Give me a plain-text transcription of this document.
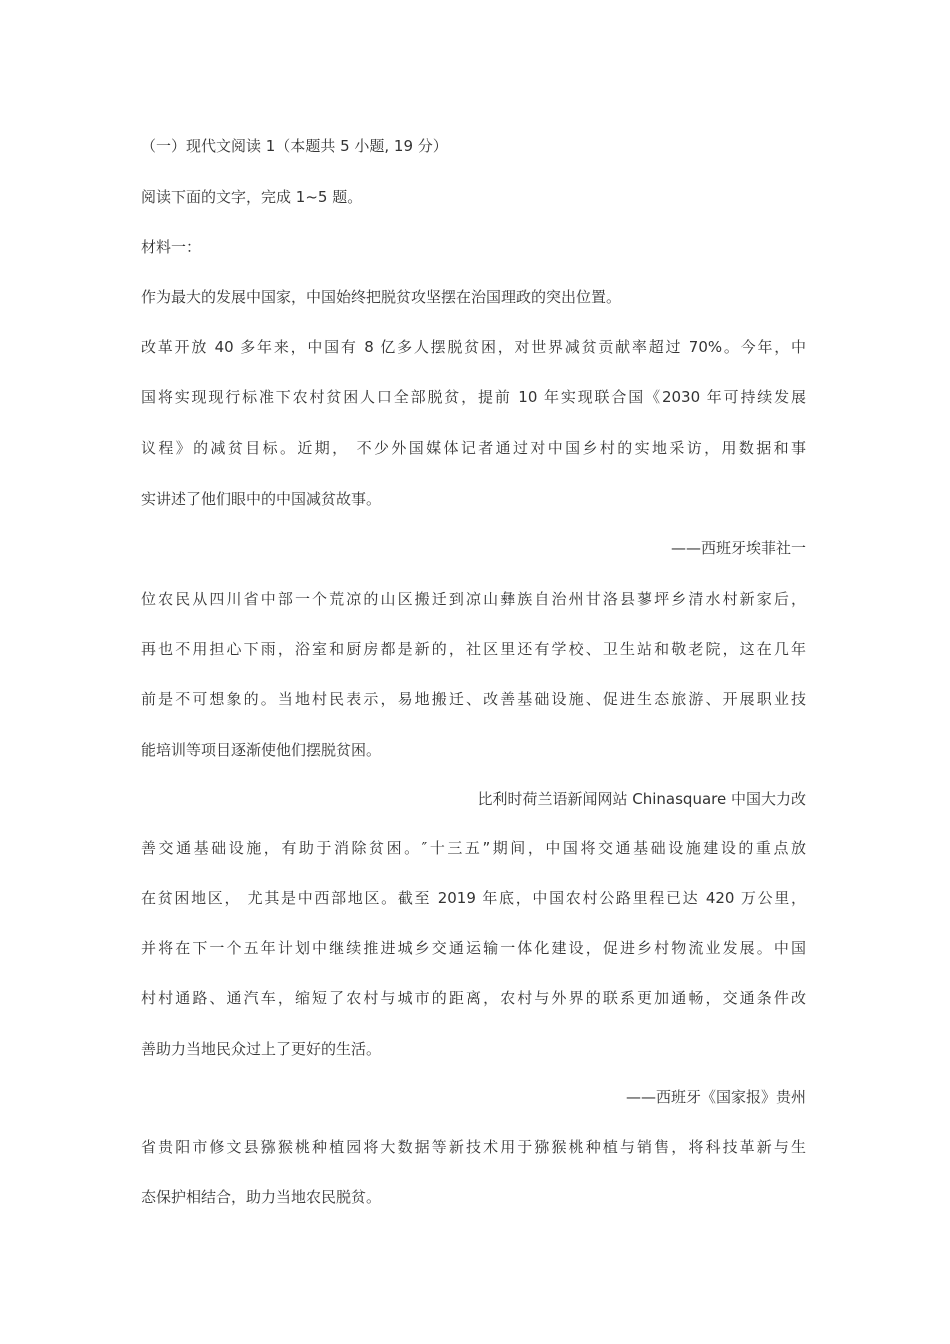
（一）现代文阅读 1（本题共 5 小题, 19 分）
阅读下面的文字，完成 1~5 题。
材料一：
作为最大的发展中国家，中国始终把脱贫攻坚摆在治国理政的突出位置。
改革开放 40 多年来，中国有 8 亿多人摆脱贫困，对世界减贫贡献率超过 70%。今年，中
国将实现现行标准下农村贫困人口全部脱贫，提前 10 年实现联合国《2030 年可持续发展
议程》的减贫目标。近期， 不少外国媒体记者通过对中国乡村的实地采访，用数据和事
实讲述了他们眼中的中国减贫故事。
——西班牙埃菲社一
位农民从四川省中部一个荒凉的山区搬迁到凉山彝族自治州甘洛县蓼坪乡清水村新家后，
再也不用担心下雨，浴室和厨房都是新的，社区里还有学校、卫生站和敬老院，这在几年
前是不可想象的。当地村民表示，易地搬迁、改善基础设施、促进生态旅游、开展职业技
能培训等项目逐渐使他们摆脱贫困。
比利时荷兰语新闻网站 Chinasquare 中国大力改
善交通基础设施，有助于消除贫困。″十三五”期间，中国将交通基础设施建设的重点放
在贫困地区， 尤其是中西部地区。截至 2019 年底，中国农村公路里程已达 420 万公里，
并将在下一个五年计划中继续推进城乡交通运输一体化建设，促进乡村物流业发展。中国
村村通路、通汽车，缩短了农村与城市的距离，农村与外界的联系更加通畅，交通条件改
善助力当地民众过上了更好的生活。
——西班牙《国家报》贵州
省贵阳市修文县猕猴桃种植园将大数据等新技术用于猕猴桃种植与销售，将科技革新与生
态保护相结合，助力当地农民脱贫。
